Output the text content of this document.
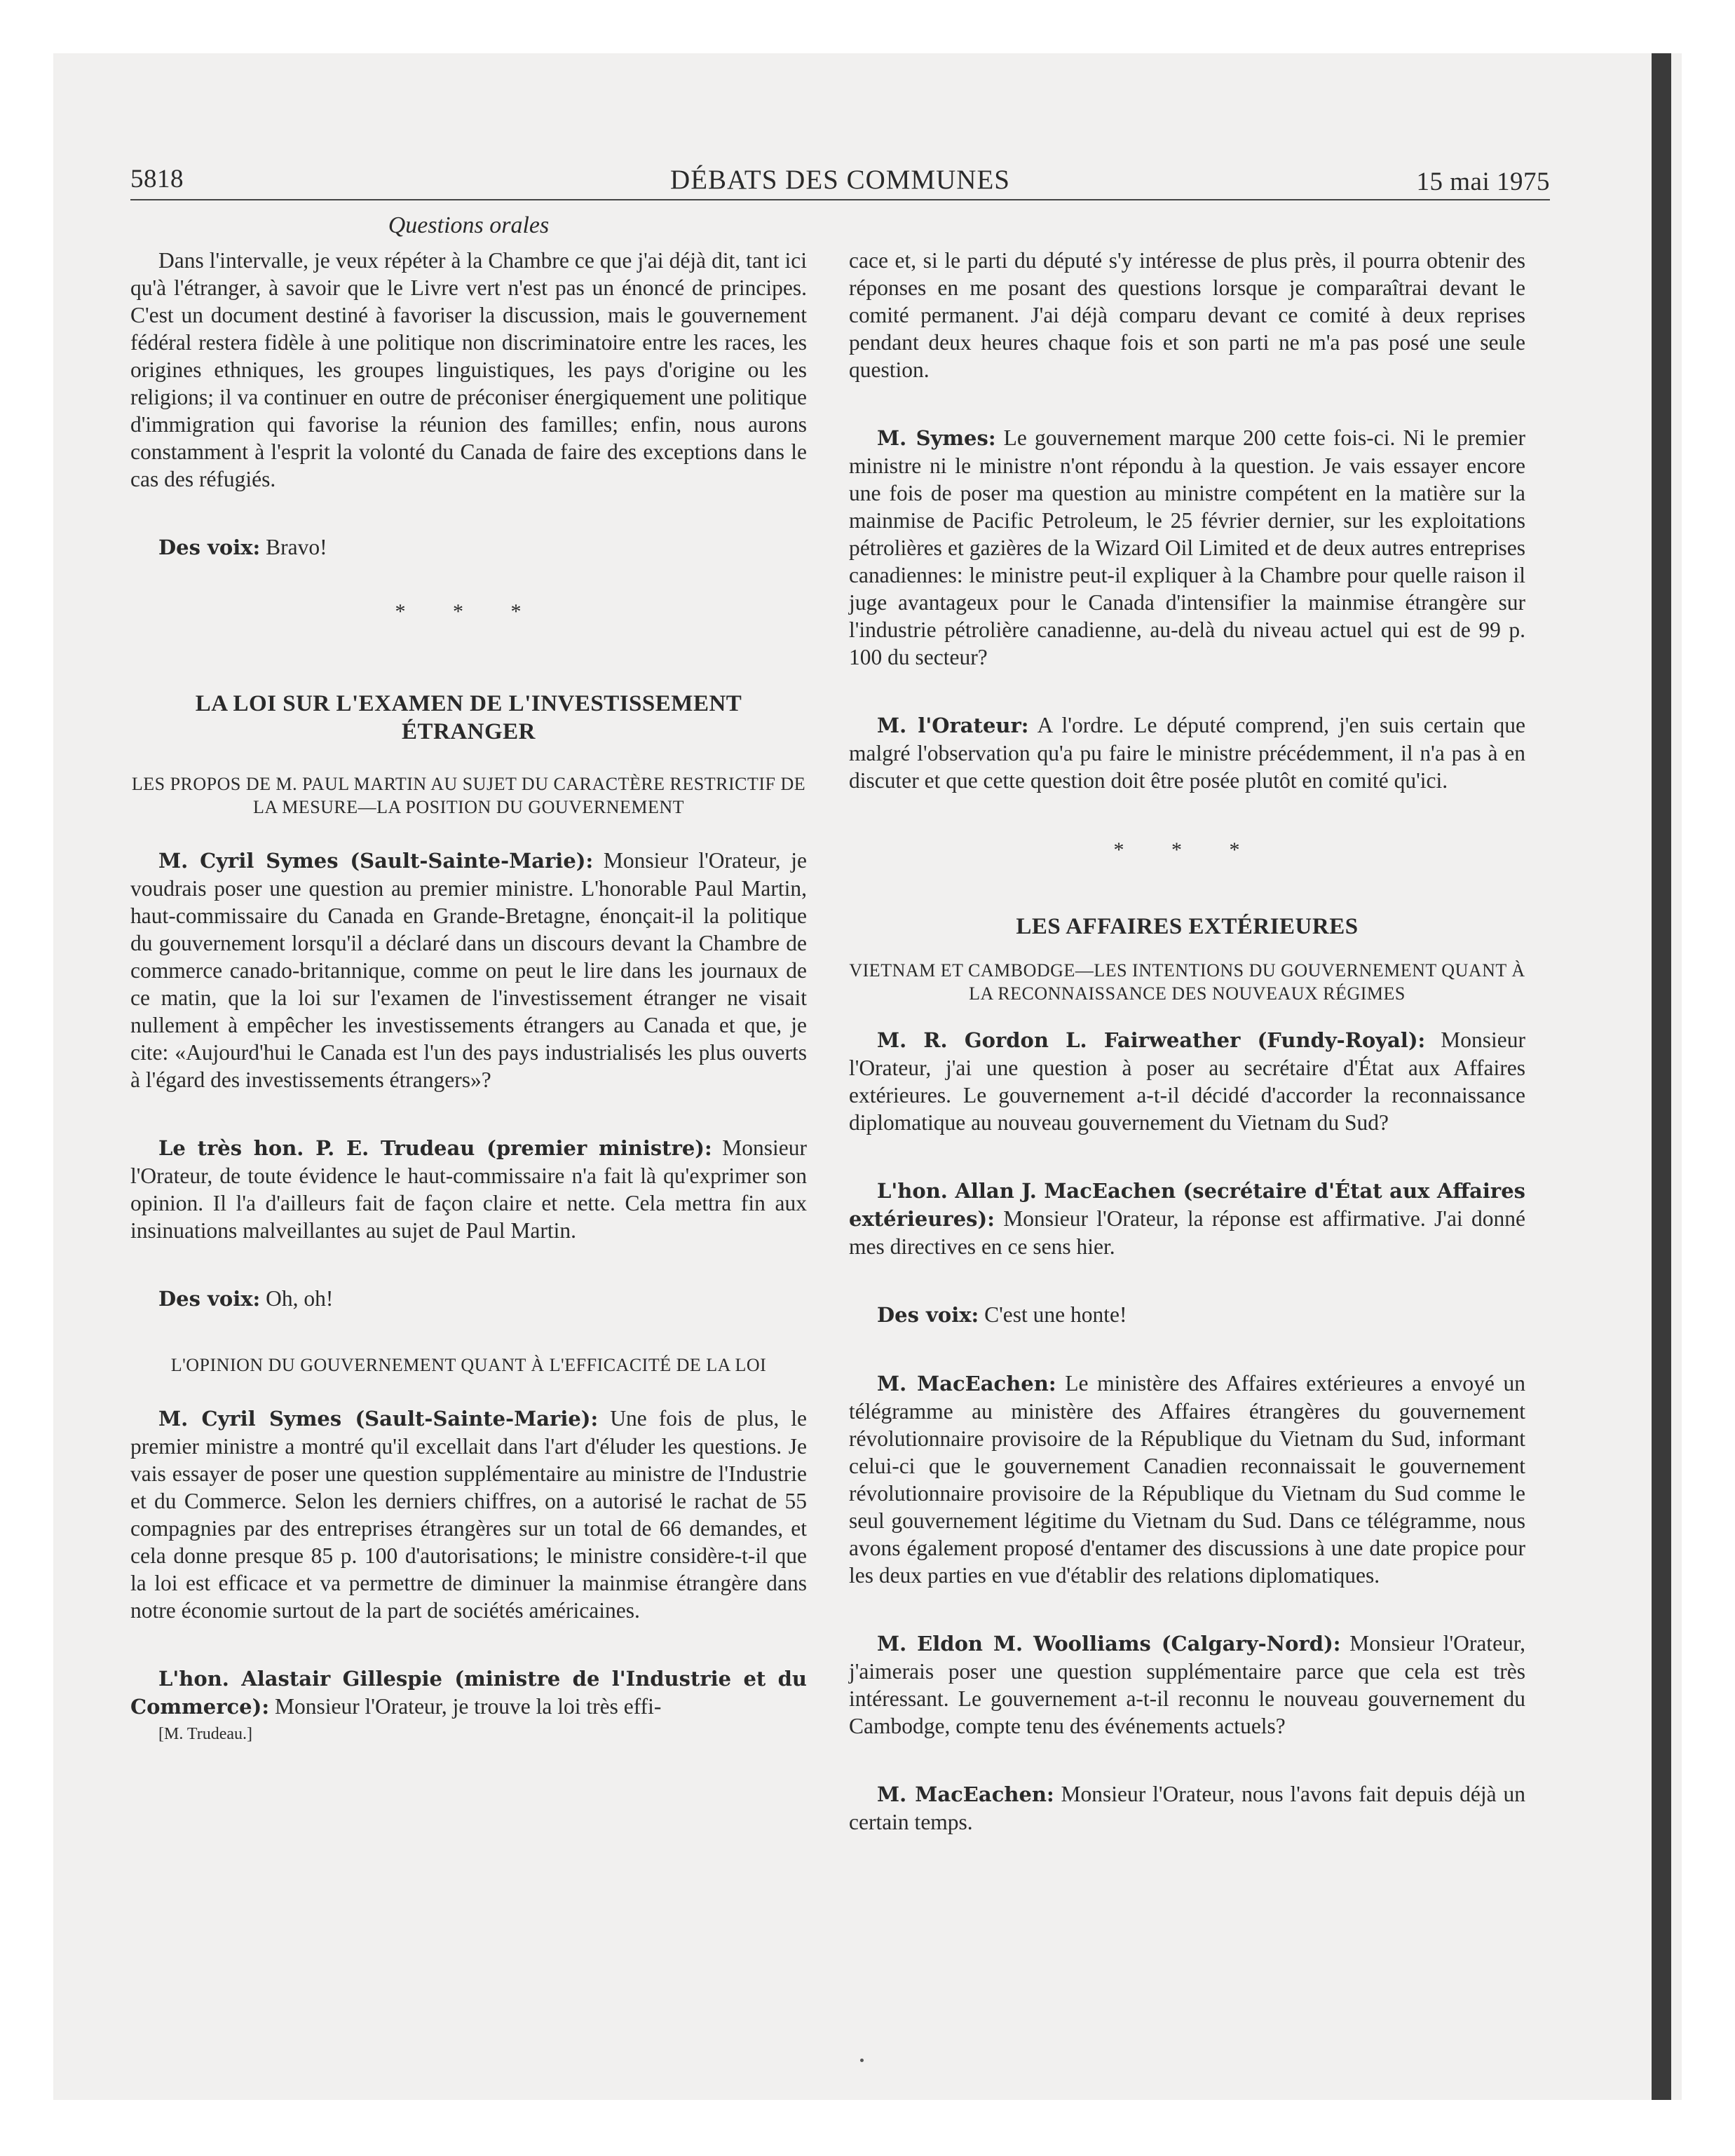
5818	DÉBATS DES COMMUNES	15 mai 1975
Questions orales

Dans l'intervalle, je veux répéter à la Chambre ce que j'ai déjà dit, tant ici qu'à l'étranger, à savoir que le Livre vert n'est pas un énoncé de principes. C'est un document destiné à favoriser la discussion, mais le gouvernement fédéral restera fidèle à une politique non discriminatoire entre les races, les origines ethniques, les groupes linguistiques, les pays d'origine ou les religions; il va continuer en outre de préconiser énergiquement une politique d'immigration qui favorise la réunion des familles; enfin, nous aurons constamment à l'esprit la volonté du Canada de faire des exceptions dans le cas des réfugiés.

Des voix: Bravo!

* * *
LA LOI SUR L'EXAMEN DE L'INVESTISSEMENT ÉTRANGER
LES PROPOS DE M. PAUL MARTIN AU SUJET DU CARACTÈRE RESTRICTIF DE LA MESURE—LA POSITION DU GOUVERNEMENT

M. Cyril Symes (Sault-Sainte-Marie): Monsieur l'Orateur, je voudrais poser une question au premier ministre. L'honorable Paul Martin, haut-commissaire du Canada en Grande-Bretagne, énonçait-il la politique du gouvernement lorsqu'il a déclaré dans un discours devant la Chambre de commerce canado-britannique, comme on peut le lire dans les journaux de ce matin, que la loi sur l'examen de l'investissement étranger ne visait nullement à empêcher les investissements étrangers au Canada et que, je cite: «Aujourd'hui le Canada est l'un des pays industrialisés les plus ouverts à l'égard des investissements étrangers»?

Le très hon. P. E. Trudeau (premier ministre): Monsieur l'Orateur, de toute évidence le haut-commissaire n'a fait là qu'exprimer son opinion. Il l'a d'ailleurs fait de façon claire et nette. Cela mettra fin aux insinuations malveillantes au sujet de Paul Martin.

Des voix: Oh, oh!

L'OPINION DU GOUVERNEMENT QUANT À L'EFFICACITÉ DE LA LOI

M. Cyril Symes (Sault-Sainte-Marie): Une fois de plus, le premier ministre a montré qu'il excellait dans l'art d'éluder les questions. Je vais essayer de poser une question supplémentaire au ministre de l'Industrie et du Commerce. Selon les derniers chiffres, on a autorisé le rachat de 55 compagnies par des entreprises étrangères sur un total de 66 demandes, et cela donne presque 85 p. 100 d'autorisations; le ministre considère-t-il que la loi est efficace et va permettre de diminuer la mainmise étrangère dans notre économie surtout de la part de sociétés américaines.

L'hon. Alastair Gillespie (ministre de l'Industrie et du Commerce): Monsieur l'Orateur, je trouve la loi très effi-

[M. Trudeau.]

cace et, si le parti du député s'y intéresse de plus près, il pourra obtenir des réponses en me posant des questions lorsque je comparaîtrai devant le comité permanent. J'ai déjà comparu devant ce comité à deux reprises pendant deux heures chaque fois et son parti ne m'a pas posé une seule question.

M. Symes: Le gouvernement marque 200 cette fois-ci. Ni le premier ministre ni le ministre n'ont répondu à la question. Je vais essayer encore une fois de poser ma question au ministre compétent en la matière sur la mainmise de Pacific Petroleum, le 25 février dernier, sur les exploitations pétrolières et gazières de la Wizard Oil Limited et de deux autres entreprises canadiennes: le ministre peut-il expliquer à la Chambre pour quelle raison il juge avantageux pour le Canada d'intensifier la mainmise étrangère sur l'industrie pétrolière canadienne, au-delà du niveau actuel qui est de 99 p. 100 du secteur?

M. l'Orateur: A l'ordre. Le député comprend, j'en suis certain que malgré l'observation qu'a pu faire le ministre précédemment, il n'a pas à en discuter et que cette question doit être posée plutôt en comité qu'ici.

* * *
LES AFFAIRES EXTÉRIEURES
VIETNAM ET CAMBODGE—LES INTENTIONS DU GOUVERNEMENT QUANT À LA RECONNAISSANCE DES NOUVEAUX RÉGIMES

M. R. Gordon L. Fairweather (Fundy-Royal): Monsieur l'Orateur, j'ai une question à poser au secrétaire d'État aux Affaires extérieures. Le gouvernement a-t-il décidé d'accorder la reconnaissance diplomatique au nouveau gouvernement du Vietnam du Sud?

L'hon. Allan J. MacEachen (secrétaire d'État aux Affaires extérieures): Monsieur l'Orateur, la réponse est affirmative. J'ai donné mes directives en ce sens hier.

Des voix: C'est une honte!

M. MacEachen: Le ministère des Affaires extérieures a envoyé un télégramme au ministère des Affaires étrangères du gouvernement révolutionnaire provisoire de la République du Vietnam du Sud, informant celui-ci que le gouvernement Canadien reconnaissait le gouvernement révolutionnaire provisoire de la République du Vietnam du Sud comme le seul gouvernement légitime du Vietnam du Sud. Dans ce télégramme, nous avons également proposé d'entamer des discussions à une date propice pour les deux parties en vue d'établir des relations diplomatiques.

M. Eldon M. Woolliams (Calgary-Nord): Monsieur l'Orateur, j'aimerais poser une question supplémentaire parce que cela est très intéressant. Le gouvernement a-t-il reconnu le nouveau gouvernement du Cambodge, compte tenu des événements actuels?

M. MacEachen: Monsieur l'Orateur, nous l'avons fait depuis déjà un certain temps.
